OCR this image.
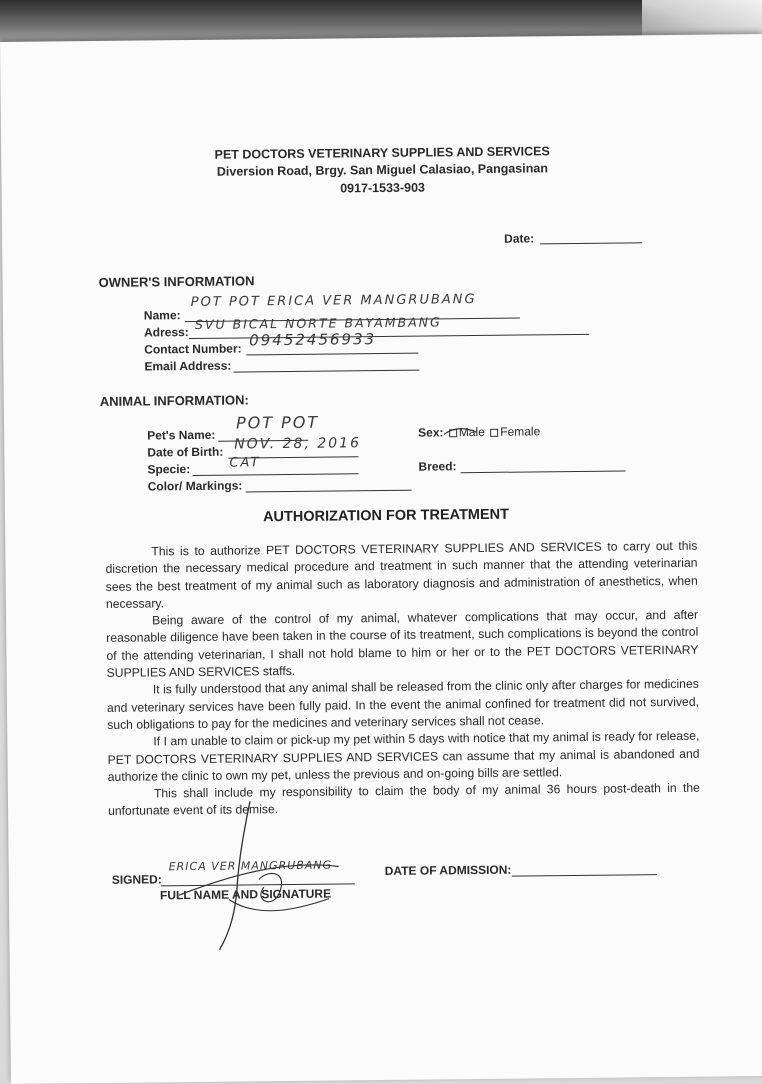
PET DOCTORS VETERINARY SUPPLIES AND SERVICES
Diversion Road, Brgy. San Miguel Calasiao, Pangasinan
0917-1533-903
Date:
OWNER'S INFORMATION
Name:
POT POT ERICA VER MANGRUBANG
Adress:
SVU BICAL NORTE BAYAMBANG
Contact Number: 09452456933
Email Address:
ANIMAL INFORMATION:
Pet's Name:
POT POT
Date of Birth: NOV. 28, 2016
Specie:	CAT
Color/ Markings:
Sex: Male Female
Breed:
AUTHORIZATION FOR TREATMENT

This is to authorize PET DOCTORS VETERINARY SUPPLIES AND SERVICES to carry out this discretion the necessary medical procedure and treatment in such manner that the attending veterinarian sees the best treatment of my animal such as laboratory diagnosis and administration of anesthetics, when necessary.

Being aware of the control of my animal, whatever complications that may occur, and after reasonable diligence have been taken in the course of its treatment, such complications is beyond the control of the attending veterinarian, I shall not hold blame to him or her or to the PET DOCTORS VETERINARY SUPPLIES AND SERVICES staffs.

It is fully understood that any animal shall be released from the clinic only after charges for medicines and veterinary services have been fully paid. In the event the animal confined for treatment did not survived, such obligations to pay for the medicines and veterinary services shall not cease.

If I am unable to claim or pick-up my pet within 5 days with notice that my animal is ready for release, PET DOCTORS VETERINARY SUPPLIES AND SERVICES can assume that my animal is abandoned and authorize the clinic to own my pet, unless the previous and on-going bills are settled.

This shall include my responsibility to claim the body of my animal 36 hours post-death in the unfortunate event of its demise.

SIGNED:
ERICA VER MANGRUBANG
FULL NAME AND SIGNATURE
DATE OF ADMISSION:
